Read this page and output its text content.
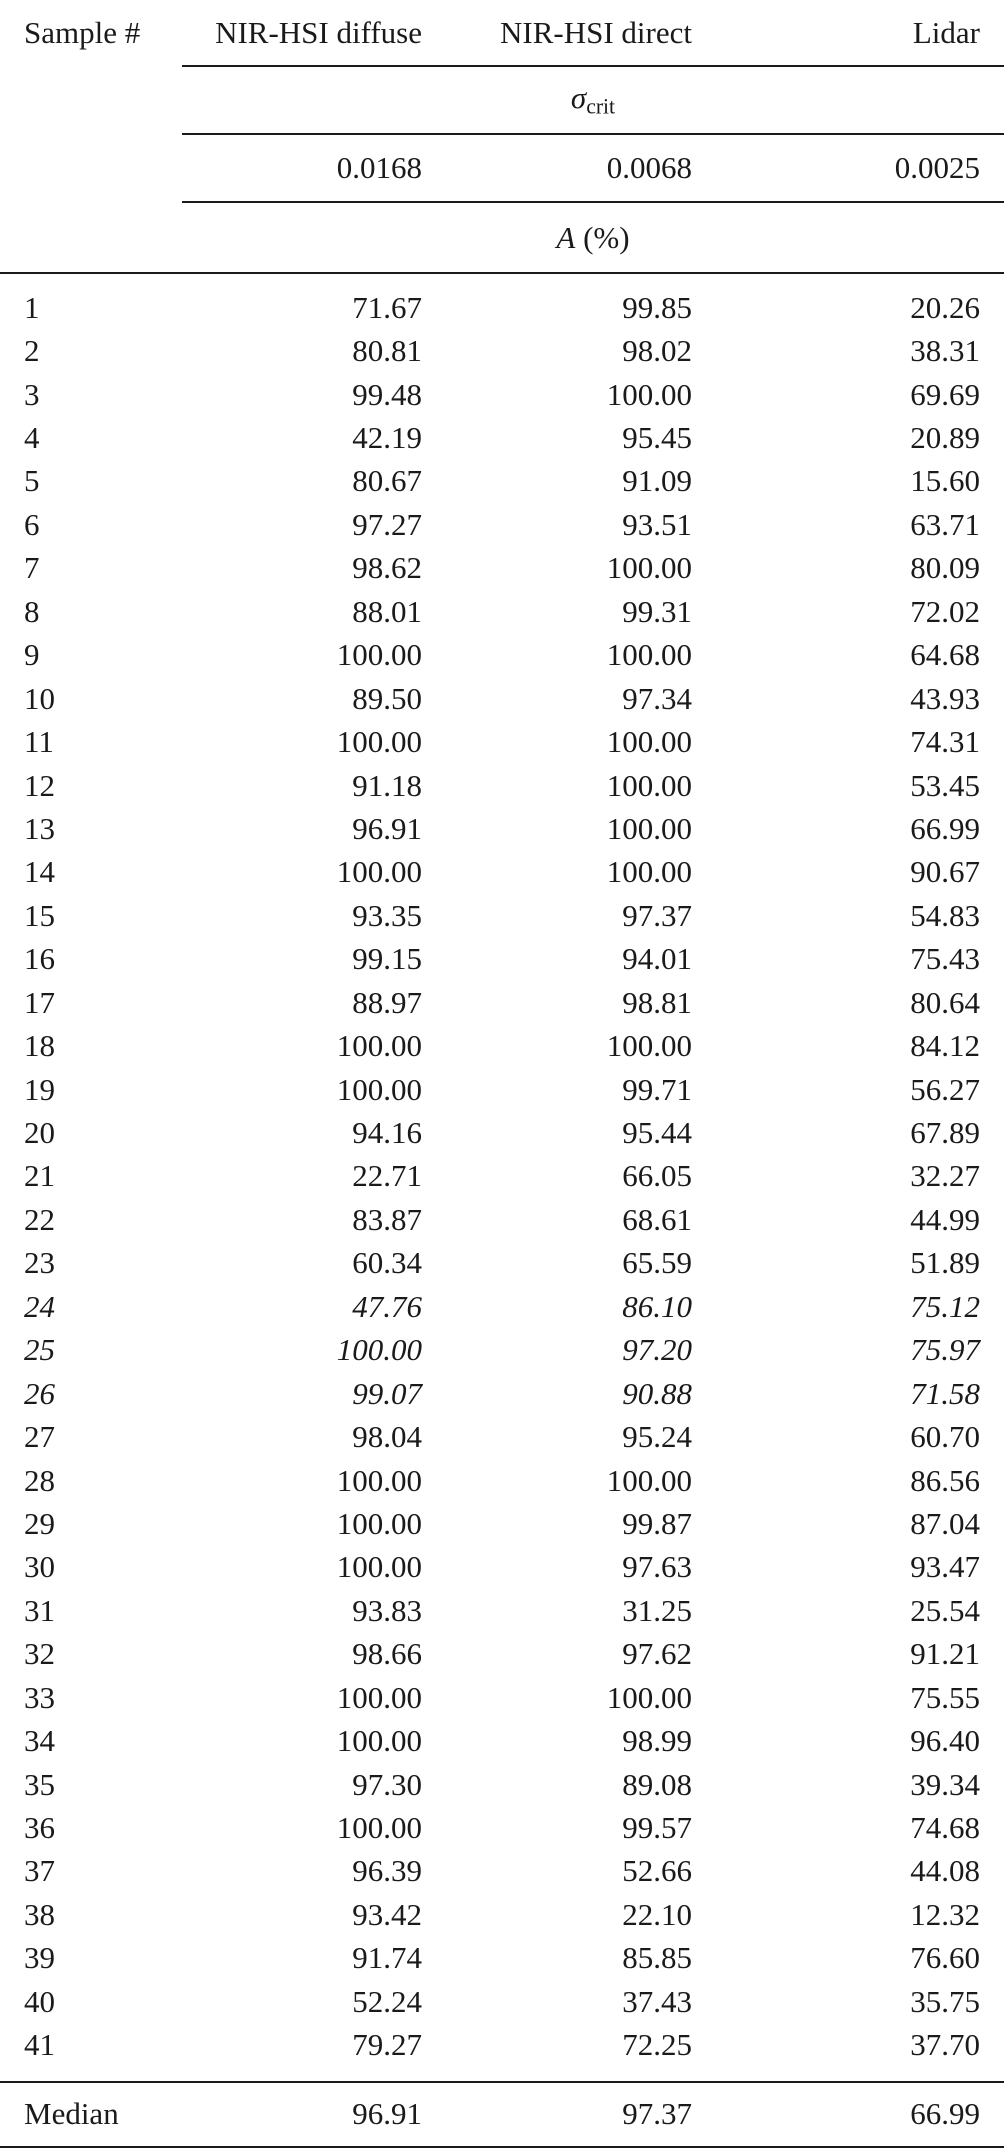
Sample #	NIR-HSI diffuse	NIR-HSI direct	Lidar
	$\sigma_{crit}$
	0.0168	0.0068	0.0025
	A (%)		
1	71.67	99.85	20.26
2	80.81	98.02	38.31
3	99.48	100.00	69.69
4	42.19	95.45	20.89
5	80.67	91.09	15.60
6	97.27	93.51	63.71
7	98.62	100.00	80.09
8	88.01	99.31	72.02
9	100.00	100.00	64.68
10	89.50	97.34	43.93
11	100.00	100.00	74.31
12	91.18	100.00	53.45
13	96.91	100.00	66.99
14	100.00	100.00	90.67
15	93.35	97.37	54.83
16	99.15	94.01	75.43
17	88.97	98.81	80.64
18	100.00	100.00	84.12
19	100.00	99.71	56.27
20	94.16	95.44	67.89
21	22.71	66.05	32.27
22	83.87	68.61	44.99
23	60.34	65.59	51.89
24	47.76	86.10	75.12
25	100.00	97.20	75.97
26	99.07	90.88	71.58
27	98.04	95.24	60.70
28	100.00	100.00	86.56
29	100.00	99.87	87.04
30	100.00	97.63	93.47
31	93.83	31.25	25.54
32	98.66	97.62	91.21
33	100.00	100.00	75.55
34	100.00	98.99	96.40
35	97.30	89.08	39.34
36	100.00	99.57	74.68
37	96.39	52.66	44.08
38	93.42	22.10	12.32
39	91.74	85.85	76.60
40	52.24	37.43	35.75
41	79.27	72.25	37.70
Median	96.91	97.37	66.99
